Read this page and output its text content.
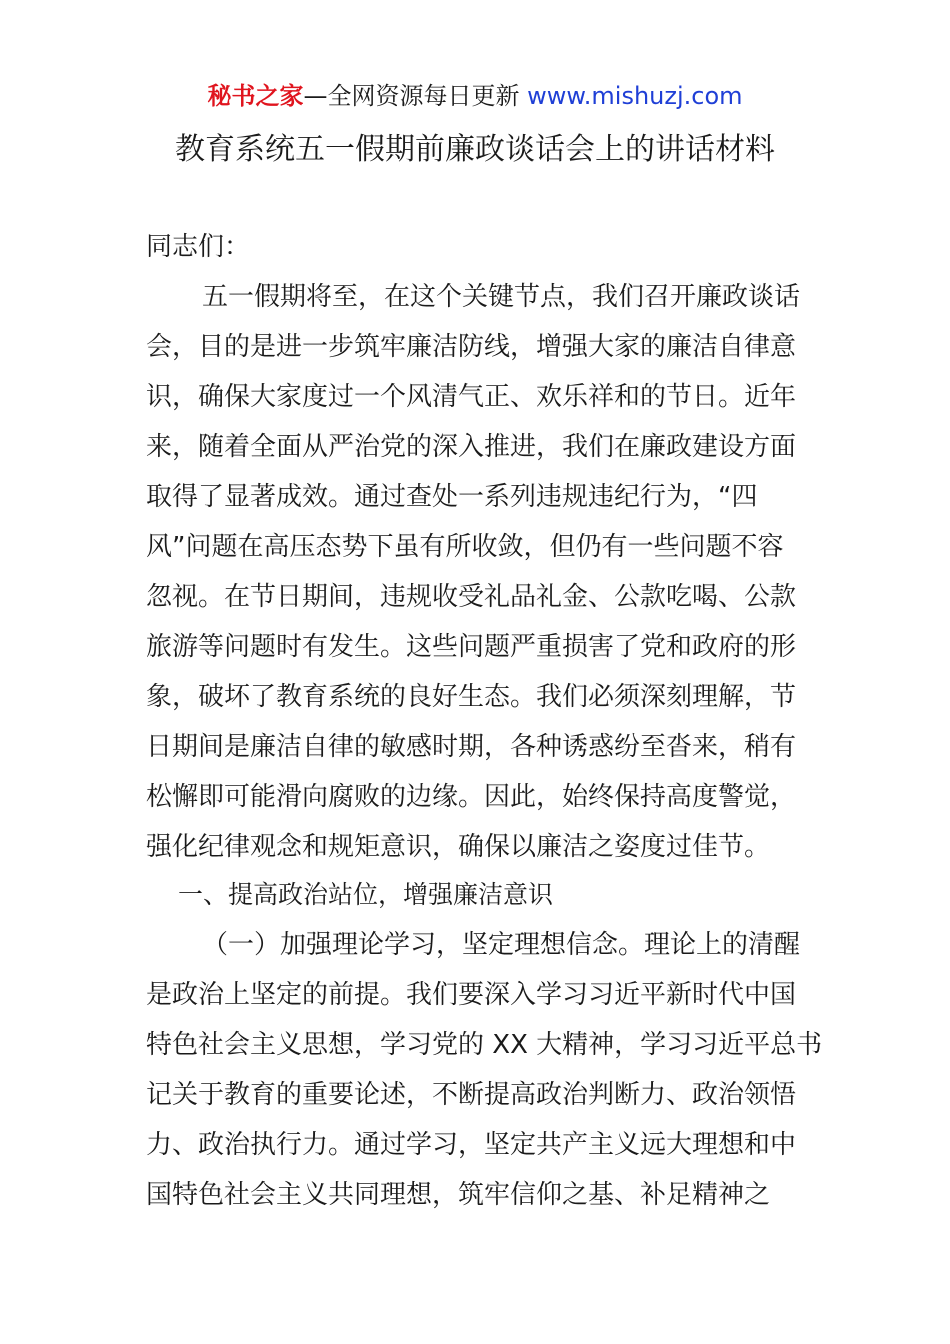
秘书之家—全网资源每日更新 www.mishuzj.com
教育系统五一假期前廉政谈话会上的讲话材料
同志们：
五一假期将至，在这个关键节点，我们召开廉政谈话
会，目的是进一步筑牢廉洁防线，增强大家的廉洁自律意
识，确保大家度过一个风清气正、欢乐祥和的节日。近年
来，随着全面从严治党的深入推进，我们在廉政建设方面
取得了显著成效。通过查处一系列违规违纪行为，“四
风”问题在高压态势下虽有所收敛，但仍有一些问题不容
忽视。在节日期间，违规收受礼品礼金、公款吃喝、公款
旅游等问题时有发生。这些问题严重损害了党和政府的形
象，破坏了教育系统的良好生态。我们必须深刻理解，节
日期间是廉洁自律的敏感时期，各种诱惑纷至沓来，稍有
松懈即可能滑向腐败的边缘。因此，始终保持高度警觉，
强化纪律观念和规矩意识，确保以廉洁之姿度过佳节。
一、提高政治站位，增强廉洁意识
（一）加强理论学习，坚定理想信念。理论上的清醒
是政治上坚定的前提。我们要深入学习习近平新时代中国
特色社会主义思想，学习党的 XX 大精神，学习习近平总书
记关于教育的重要论述，不断提高政治判断力、政治领悟
力、政治执行力。通过学习，坚定共产主义远大理想和中
国特色社会主义共同理想，筑牢信仰之基、补足精神之
